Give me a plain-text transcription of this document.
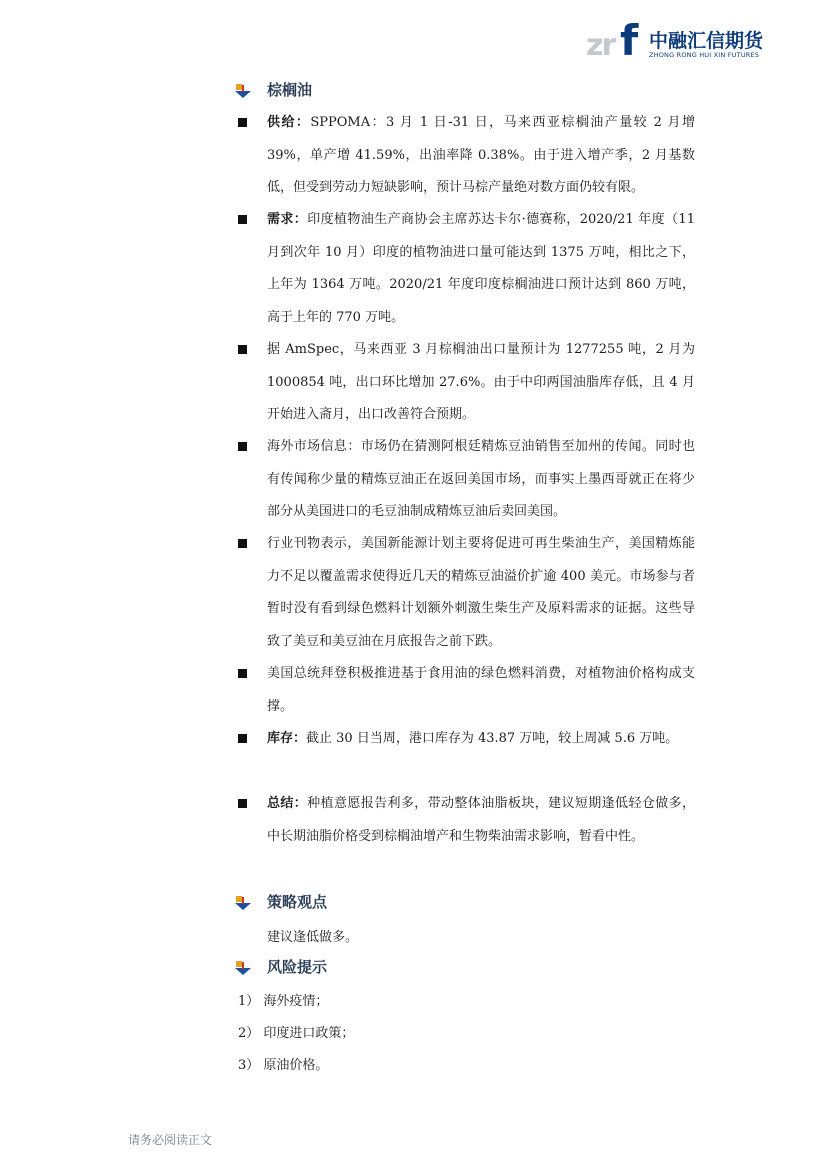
zr f 中融汇信期货
ZHONG RONG HUI XIN FUTURES
棕榈油
供给：SPPOMA：3 月 1 日-31 日，马来西亚棕榈油产量较 2 月增 39%，单产增 41.59%，出油率降 0.38%。由于进入增产季，2 月基数低，但受到劳动力短缺影响，预计马棕产量绝对数方面仍较有限。
需求：印度植物油生产商协会主席苏达卡尔·德赛称，2020/21 年度（11 月到次年 10 月）印度的植物油进口量可能达到 1375 万吨，相比之下，上年为 1364 万吨。2020/21 年度印度棕榈油进口预计达到 860 万吨，高于上年的 770 万吨。
据 AmSpec，马来西亚 3 月棕榈油出口量预计为 1277255 吨，2 月为 1000854 吨，出口环比增加 27.6%。由于中印两国油脂库存低，且 4 月开始进入斋月，出口改善符合预期。
海外市场信息：市场仍在猜测阿根廷精炼豆油销售至加州的传闻。同时也有传闻称少量的精炼豆油正在返回美国市场，而事实上墨西哥就正在将少部分从美国进口的毛豆油制成精炼豆油后卖回美国。
行业刊物表示，美国新能源计划主要将促进可再生柴油生产，美国精炼能力不足以覆盖需求使得近几天的精炼豆油溢价扩逾 400 美元。市场参与者暂时没有看到绿色燃料计划额外刺激生柴生产及原料需求的证据。这些导致了美豆和美豆油在月底报告之前下跌。
美国总统拜登积极推进基于食用油的绿色燃料消费，对植物油价格构成支撑。
库存：截止 30 日当周，港口库存为 43.87 万吨，较上周减 5.6 万吨。
总结：种植意愿报告利多，带动整体油脂板块，建议短期逢低轻仓做多，中长期油脂价格受到棕榈油增产和生物柴油需求影响，暂看中性。
策略观点
建议逢低做多。
风险提示
1） 海外疫情；
2） 印度进口政策；
3） 原油价格。
请务必阅读正文
